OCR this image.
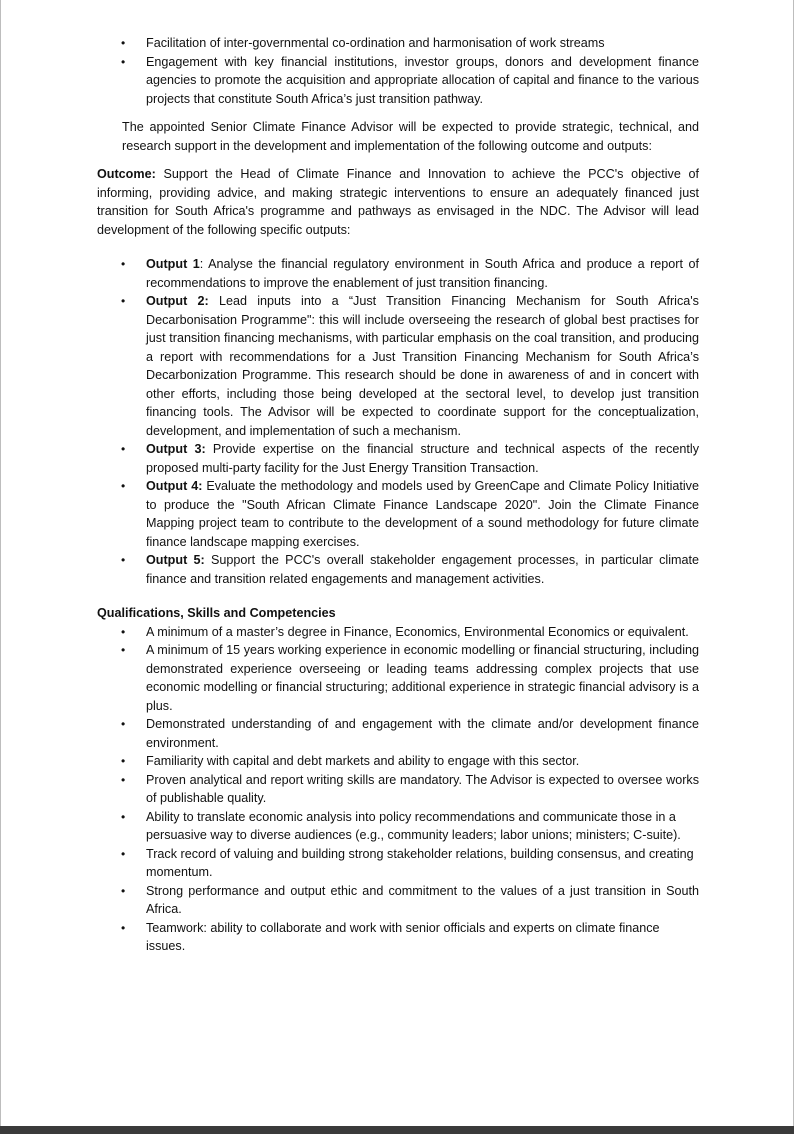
• Facilitation of inter-governmental co-ordination and harmonisation of work streams
• Engagement with key financial institutions, investor groups, donors and development finance agencies to promote the acquisition and appropriate allocation of capital and finance to the various projects that constitute South Africa’s just transition pathway.

The appointed Senior Climate Finance Advisor will be expected to provide strategic, technical, and research support in the development and implementation of the following outcome and outputs:

Outcome: Support the Head of Climate Finance and Innovation to achieve the PCC's objective of informing, providing advice, and making strategic interventions to ensure an adequately financed just transition for South Africa's programme and pathways as envisaged in the NDC. The Advisor will lead development of the following specific outputs:

• Output 1: Analyse the financial regulatory environment in South Africa and produce a report of recommendations to improve the enablement of just transition financing.
• Output 2: Lead inputs into a “Just Transition Financing Mechanism for South Africa's Decarbonisation Programme": this will include overseeing the research of global best practises for just transition financing mechanisms, with particular emphasis on the coal transition, and producing a report with recommendations for a Just Transition Financing Mechanism for South Africa’s Decarbonization Programme. This research should be done in awareness of and in concert with other efforts, including those being developed at the sectoral level, to develop just transition financing tools. The Advisor will be expected to coordinate support for the conceptualization, development, and implementation of such a mechanism.
• Output 3: Provide expertise on the financial structure and technical aspects of the recently proposed multi-party facility for the Just Energy Transition Transaction.
• Output 4: Evaluate the methodology and models used by GreenCape and Climate Policy Initiative to produce the "South African Climate Finance Landscape 2020". Join the Climate Finance Mapping project team to contribute to the development of a sound methodology for future climate finance landscape mapping exercises.
• Output 5: Support the PCC's overall stakeholder engagement processes, in particular climate finance and transition related engagements and management activities.
Qualifications, Skills and Competencies
• A minimum of a master’s degree in Finance, Economics, Environmental Economics or equivalent.
• A minimum of 15 years working experience in economic modelling or financial structuring, including demonstrated experience overseeing or leading teams addressing complex projects that use economic modelling or financial structuring; additional experience in strategic financial advisory is a plus.
• Demonstrated understanding of and engagement with the climate and/or development finance environment.
• Familiarity with capital and debt markets and ability to engage with this sector.
• Proven analytical and report writing skills are mandatory. The Advisor is expected to oversee works of publishable quality.
• Ability to translate economic analysis into policy recommendations and communicate those in a persuasive way to diverse audiences (e.g., community leaders; labor unions; ministers; C-suite).
• Track record of valuing and building strong stakeholder relations, building consensus, and creating momentum.
• Strong performance and output ethic and commitment to the values of a just transition in South Africa.
• Teamwork: ability to collaborate and work with senior officials and experts on climate finance issues.
